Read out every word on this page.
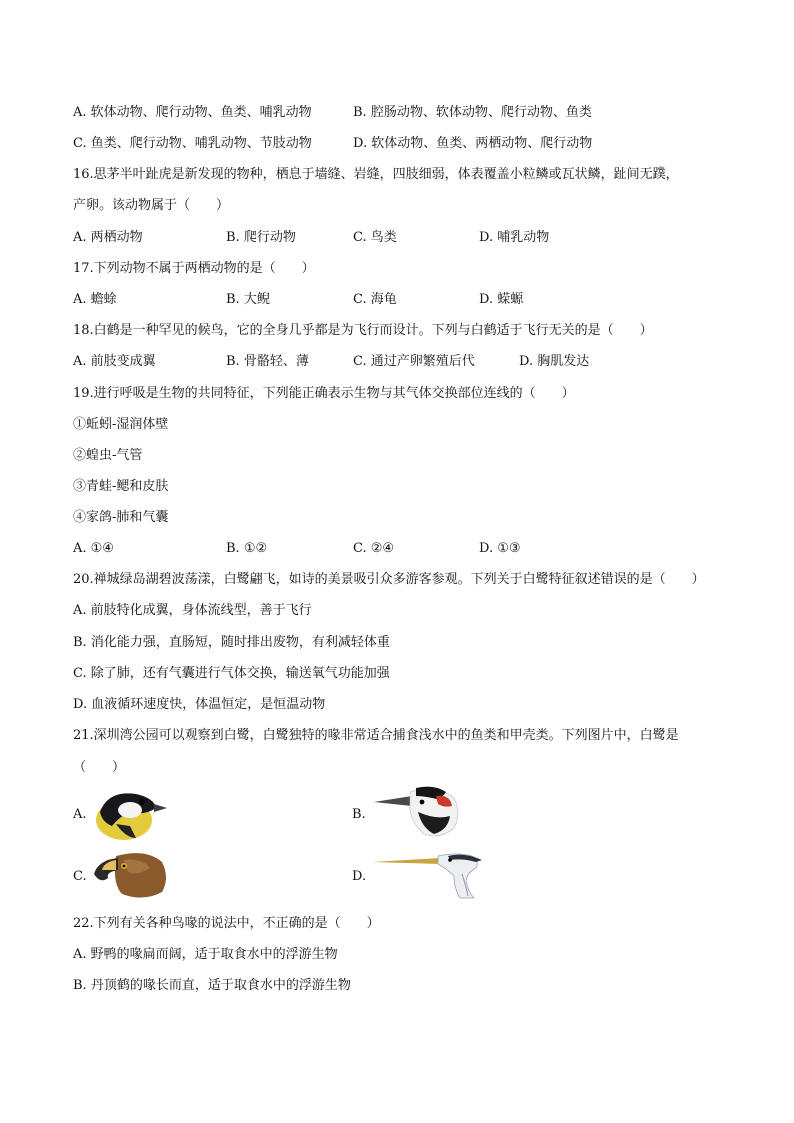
A. 软体动物、爬行动物、鱼类、哺乳动物	B. 腔肠动物、软体动物、爬行动物、鱼类
C. 鱼类、爬行动物、哺乳动物、节肢动物	D. 软体动物、鱼类、两栖动物、爬行动物
16.思茅半叶趾虎是新发现的物种，栖息于墙缝、岩缝，四肢细弱，体表覆盖小粒鳞或瓦状鳞，趾间无蹼，
产卵。该动物属于（　　）
A. 两栖动物	B. 爬行动物	C. 鸟类	D. 哺乳动物
17.下列动物不属于两栖动物的是（　　）
A. 蟾蜍	B. 大鲵	C. 海龟	D. 蝾螈
18.白鹤是一种罕见的候鸟，它的全身几乎都是为飞行而设计。下列与白鹤适于飞行无关的是（　　）
A. 前肢变成翼	B. 骨骼轻、薄	C. 通过产卵繁殖后代	D. 胸肌发达
19.进行呼吸是生物的共同特征，下列能正确表示生物与其气体交换部位连线的（　　）
①蚯蚓-湿润体壁
②蝗虫-气管
③青蛙-鳃和皮肤
④家鸽-肺和气囊
A. ①④	B. ①②	C. ②④	D. ①③
20.禅城绿岛湖碧波荡漾，白鹭翩飞，如诗的美景吸引众多游客参观。下列关于白鹭特征叙述错误的是（　　）
A. 前肢特化成翼，身体流线型，善于飞行
B. 消化能力强，直肠短，随时排出废物，有利减轻体重
C. 除了肺，还有气囊进行气体交换，输送氧气功能加强
D. 血液循环速度快，体温恒定，是恒温动物
21.深圳湾公园可以观察到白鹭，白鹭独特的喙非常适合捕食浅水中的鱼类和甲壳类。下列图片中，白鹭是
（　　）
A.	B.
C.	D.
22.下列有关各种鸟喙的说法中，不正确的是（　　）
A. 野鸭的喙扁而阔，适于取食水中的浮游生物
B. 丹顶鹤的喙长而直，适于取食水中的浮游生物
